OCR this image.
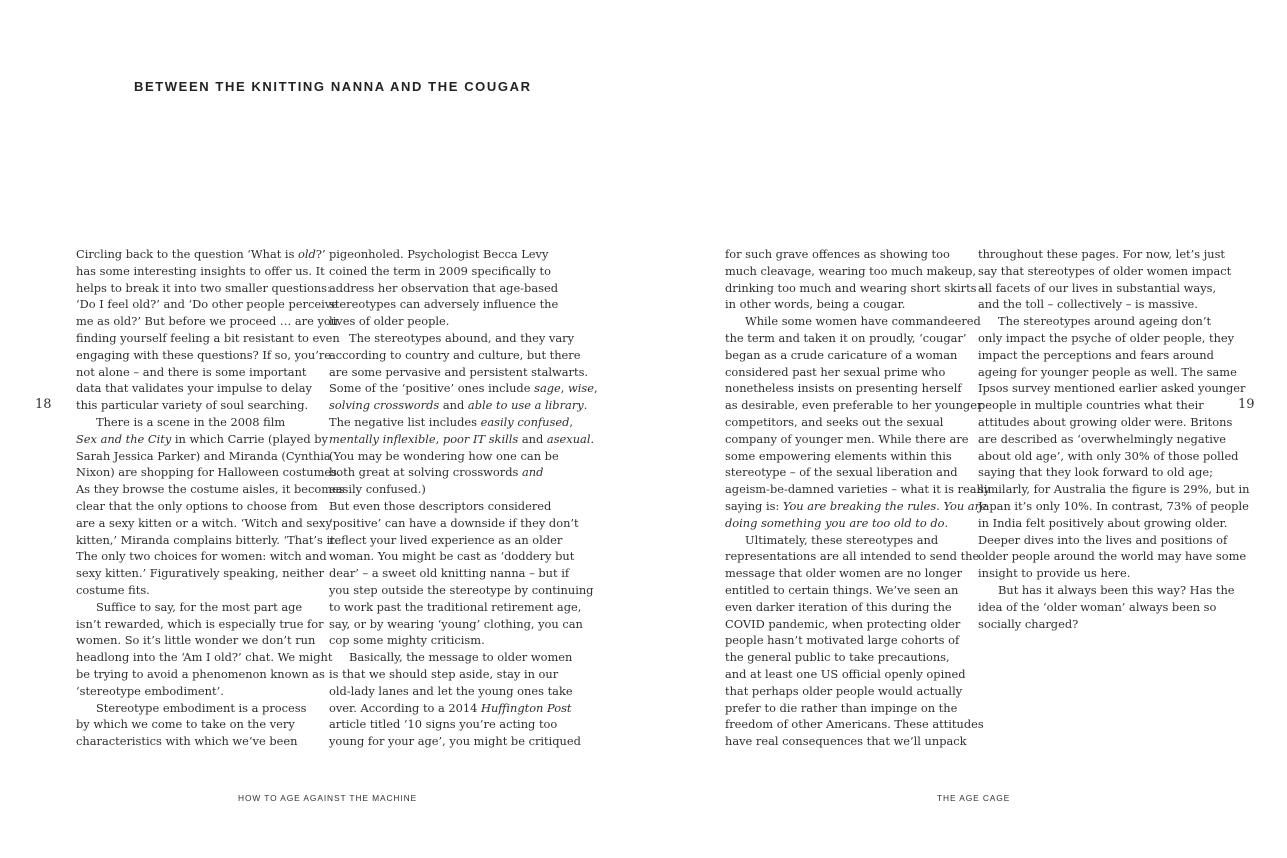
BETWEEN THE KNITTING NANNA AND THE COUGAR
18	19
Circling back to the question ‘What is old?’
has some interesting insights to offer us. It
helps to break it into two smaller questions:
‘Do I feel old?’ and ‘Do other people perceive
me as old?’ But before we proceed … are you
finding yourself feeling a bit resistant to even
engaging with these questions? If so, you’re
not alone – and there is some important
data that validates your impulse to delay
this particular variety of soul searching.
There is a scene in the 2008 film
Sex and the City in which Carrie (played by
Sarah Jessica Parker) and Miranda (Cynthia
Nixon) are shopping for Halloween costumes.
As they browse the costume aisles, it becomes
clear that the only options to choose from
are a sexy kitten or a witch. ‘Witch and sexy
kitten,’ Miranda complains bitterly. ‘That’s it.
The only two choices for women: witch and
sexy kitten.’ Figuratively speaking, neither
costume fits.
Suffice to say, for the most part age
isn’t rewarded, which is especially true for
women. So it’s little wonder we don’t run
headlong into the ‘Am I old?’ chat. We might
be trying to avoid a phenomenon known as
‘stereotype embodiment’.
Stereotype embodiment is a process
by which we come to take on the very
characteristics with which we’ve been
pigeonholed. Psychologist Becca Levy
coined the term in 2009 specifically to
address her observation that age-based
stereotypes can adversely influence the
lives of older people.
The stereotypes abound, and they vary
according to country and culture, but there
are some pervasive and persistent stalwarts.
Some of the ‘positive’ ones include sage, wise,
solving crosswords and able to use a library.
The negative list includes easily confused,
mentally inflexible, poor IT skills and asexual.
(You may be wondering how one can be
both great at solving crosswords and
easily confused.)
But even those descriptors considered
‘positive’ can have a downside if they don’t
reflect your lived experience as an older
woman. You might be cast as ‘doddery but
dear’ – a sweet old knitting nanna – but if
you step outside the stereotype by continuing
to work past the traditional retirement age,
say, or by wearing ‘young’ clothing, you can
cop some mighty criticism.
Basically, the message to older women
is that we should step aside, stay in our
old-lady lanes and let the young ones take
over. According to a 2014 Huffington Post
article titled ‘10 signs you’re acting too
young for your age’, you might be critiqued
for such grave offences as showing too
much cleavage, wearing too much makeup,
drinking too much and wearing short skirts –
in other words, being a cougar.
While some women have commandeered
the term and taken it on proudly, ‘cougar’
began as a crude caricature of a woman
considered past her sexual prime who
nonetheless insists on presenting herself
as desirable, even preferable to her younger
competitors, and seeks out the sexual
company of younger men. While there are
some empowering elements within this
stereotype – of the sexual liberation and
ageism-be-damned varieties – what it is really
saying is: You are breaking the rules. You are
doing something you are too old to do.
Ultimately, these stereotypes and
representations are all intended to send the
message that older women are no longer
entitled to certain things. We’ve seen an
even darker iteration of this during the
COVID pandemic, when protecting older
people hasn’t motivated large cohorts of
the general public to take precautions,
and at least one US official openly opined
that perhaps older people would actually
prefer to die rather than impinge on the
freedom of other Americans. These attitudes
have real consequences that we’ll unpack
throughout these pages. For now, let’s just
say that stereotypes of older women impact
all facets of our lives in substantial ways,
and the toll – collectively – is massive.
The stereotypes around ageing don’t
only impact the psyche of older people, they
impact the perceptions and fears around
ageing for younger people as well. The same
Ipsos survey mentioned earlier asked younger
people in multiple countries what their
attitudes about growing older were. Britons
are described as ‘overwhelmingly negative
about old age’, with only 30% of those polled
saying that they look forward to old age;
similarly, for Australia the figure is 29%, but in
Japan it’s only 10%. In contrast, 73% of people
in India felt positively about growing older.
Deeper dives into the lives and positions of
older people around the world may have some
insight to provide us here.
But has it always been this way? Has the
idea of the ‘older woman’ always been so
socially charged?
HOW TO AGE AGAINST THE MACHINE	THE AGE CAGE
